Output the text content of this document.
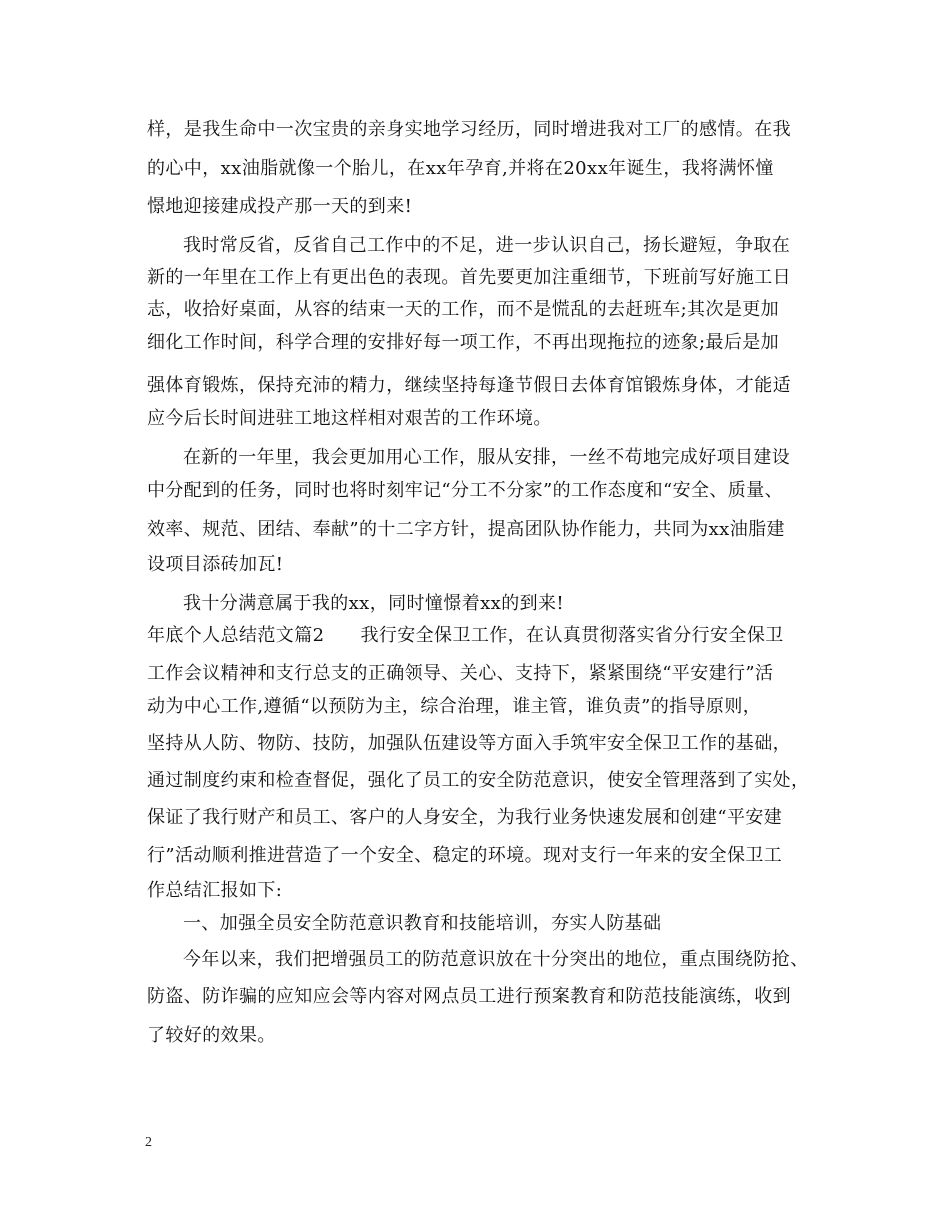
样，是我生命中一次宝贵的亲身实地学习经历，同时增进我对工厂的感情。在我
的心中，xx油脂就像一个胎儿，在xx年孕育,并将在20xx年诞生，我将满怀憧
憬地迎接建成投产那一天的到来!
我时常反省，反省自己工作中的不足，进一步认识自己，扬长避短，争取在
新的一年里在工作上有更出色的表现。首先要更加注重细节，下班前写好施工日
志，收拾好桌面，从容的结束一天的工作，而不是慌乱的去赶班车;其次是更加
细化工作时间，科学合理的安排好每一项工作，不再出现拖拉的迹象;最后是加
强体育锻炼，保持充沛的精力，继续坚持每逢节假日去体育馆锻炼身体，才能适
应今后长时间进驻工地这样相对艰苦的工作环境。
在新的一年里，我会更加用心工作，服从安排，一丝不苟地完成好项目建设
中分配到的任务，同时也将时刻牢记“分工不分家”的工作态度和“安全、质量、
效率、规范、团结、奉献”的十二字方针，提高团队协作能力，共同为xx油脂建
设项目添砖加瓦!
我十分满意属于我的xx，同时憧憬着xx的到来!
年底个人总结范文篇2 我行安全保卫工作，在认真贯彻落实省分行安全保卫
工作会议精神和支行总支的正确领导、关心、支持下，紧紧围绕“平安建行”活
动为中心工作,遵循“以预防为主，综合治理，谁主管，谁负责”的指导原则，
坚持从人防、物防、技防，加强队伍建设等方面入手筑牢安全保卫工作的基础，
通过制度约束和检查督促，强化了员工的安全防范意识，使安全管理落到了实处，
保证了我行财产和员工、客户的人身安全，为我行业务快速发展和创建“平安建
行”活动顺利推进营造了一个安全、稳定的环境。现对支行一年来的安全保卫工
作总结汇报如下:
一、加强全员安全防范意识教育和技能培训，夯实人防基础
今年以来，我们把增强员工的防范意识放在十分突出的地位，重点围绕防抢、
防盗、防诈骗的应知应会等内容对网点员工进行预案教育和防范技能演练，收到
了较好的效果。
2
